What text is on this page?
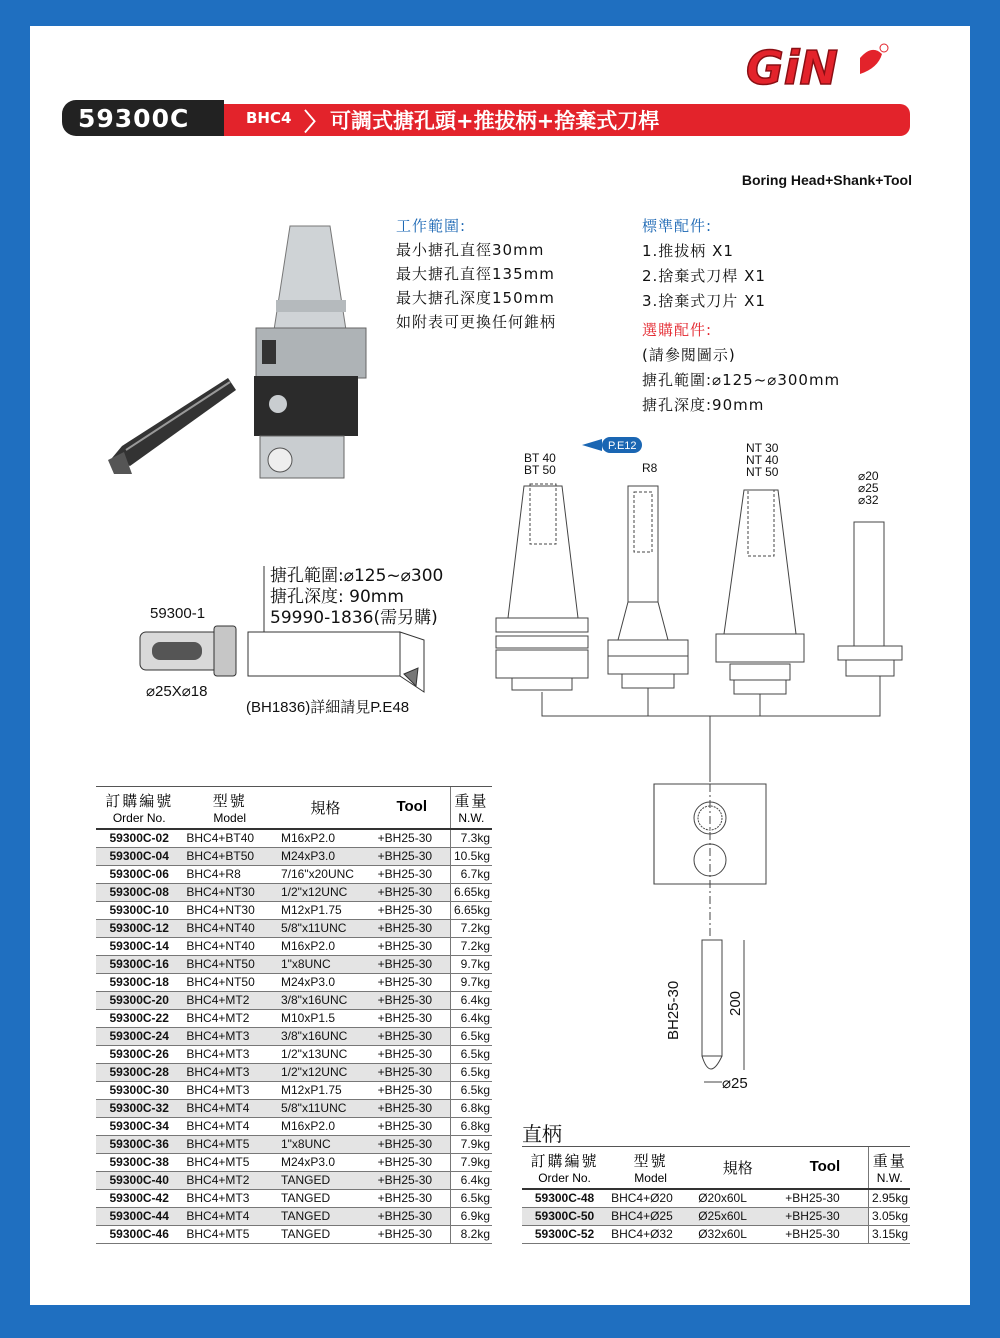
GiN
59300C	BHC4 〉 可調式搪孔頭+推拔柄+捨棄式刀桿
Boring Head+Shank+Tool
P.E12
BT 40
BT 50	R8
NT 30
NT 40
NT 50	⌀20
⌀25
⌀32
搪孔範圍:⌀125~⌀300
搪孔深度: 90mm
59990-1836(需另購)
59300-1
⌀25X⌀18
(BH1836)詳細請見P.E48
BH25-30	200
⌀25
工作範圍:
最小搪孔直徑30mm
最大搪孔直徑135mm
最大搪孔深度150mm
如附表可更換任何錐柄
標準配件:
1.推拔柄 X1
2.捨棄式刀桿 X1
3.捨棄式刀片 X1
選購配件:
(請參閱圖示)
搪孔範圍:⌀125~⌀300mm
搪孔深度:90mm
訂購編號
Order No.	型號
Model	規格	Tool	重量
N.W.

59300C-02	BHC4+BT40	M16xP2.0	+BH25-30	7.3kg
59300C-04	BHC4+BT50	M24xP3.0	+BH25-30	10.5kg
59300C-06	BHC4+R8	7/16"x20UNC	+BH25-30	6.7kg
59300C-08	BHC4+NT30	1/2"x12UNC	+BH25-30	6.65kg
59300C-10	BHC4+NT30	M12xP1.75	+BH25-30	6.65kg
59300C-12	BHC4+NT40	5/8"x11UNC	+BH25-30	7.2kg
59300C-14	BHC4+NT40	M16xP2.0	+BH25-30	7.2kg
59300C-16	BHC4+NT50	1"x8UNC	+BH25-30	9.7kg
59300C-18	BHC4+NT50	M24xP3.0	+BH25-30	9.7kg
59300C-20	BHC4+MT2	3/8"x16UNC	+BH25-30	6.4kg
59300C-22	BHC4+MT2	M10xP1.5	+BH25-30	6.4kg
59300C-24	BHC4+MT3	3/8"x16UNC	+BH25-30	6.5kg
59300C-26	BHC4+MT3	1/2"x13UNC	+BH25-30	6.5kg
59300C-28	BHC4+MT3	1/2"x12UNC	+BH25-30	6.5kg
59300C-30	BHC4+MT3	M12xP1.75	+BH25-30	6.5kg
59300C-32	BHC4+MT4	5/8"x11UNC	+BH25-30	6.8kg
59300C-34	BHC4+MT4	M16xP2.0	+BH25-30	6.8kg
59300C-36	BHC4+MT5	1"x8UNC	+BH25-30	7.9kg
59300C-38	BHC4+MT5	M24xP3.0	+BH25-30	7.9kg
59300C-40	BHC4+MT2	TANGED	+BH25-30	6.4kg
59300C-42	BHC4+MT3	TANGED	+BH25-30	6.5kg
59300C-44	BHC4+MT4	TANGED	+BH25-30	6.9kg
59300C-46	BHC4+MT5	TANGED	+BH25-30	8.2kg
直柄
訂購編號
Order No.	型號
Model	規格	Tool	重量
N.W.

59300C-48	BHC4+Ø20	Ø20x60L	+BH25-30	2.95kg
59300C-50	BHC4+Ø25	Ø25x60L	+BH25-30	3.05kg
59300C-52	BHC4+Ø32	Ø32x60L	+BH25-30	3.15kg
